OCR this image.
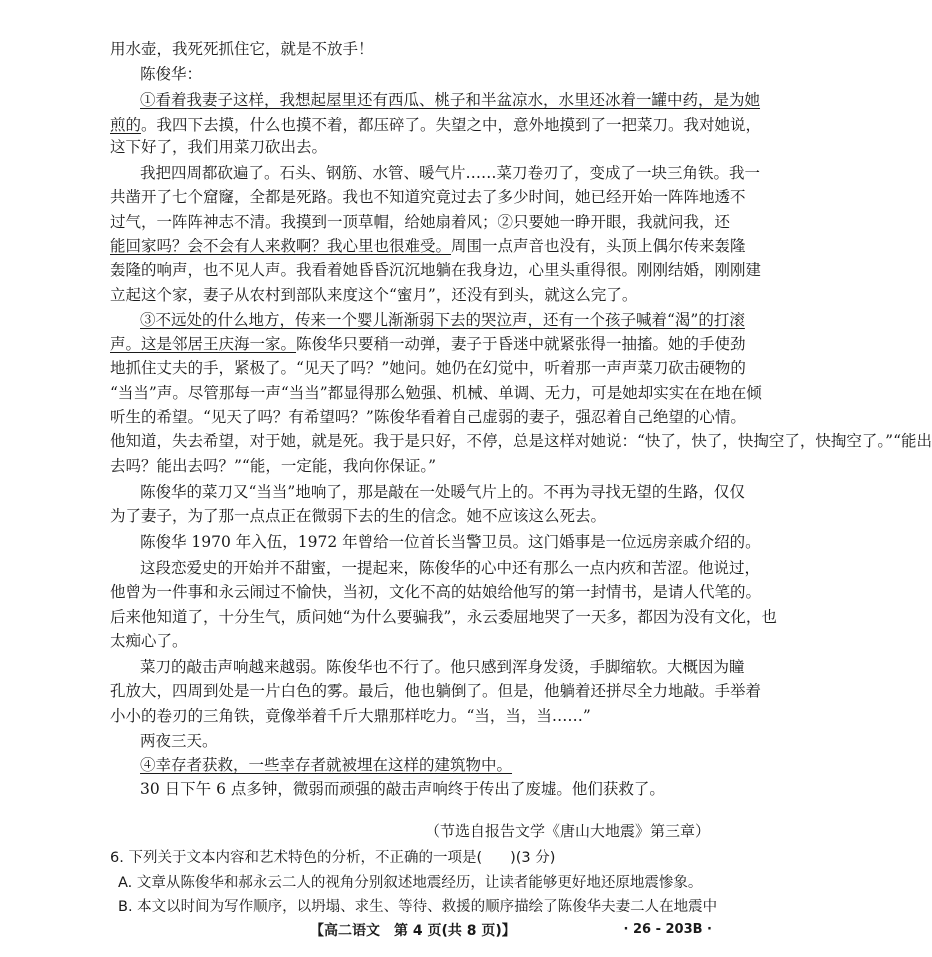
用水壶，我死死抓住它，就是不放手！
陈俊华：
①看着我妻子这样，我想起屋里还有西瓜、桃子和半盆凉水，水里还冰着一罐中药，是为她
煎的。我四下去摸，什么也摸不着，都压碎了。失望之中，意外地摸到了一把菜刀。我对她说，
这下好了，我们用菜刀砍出去。
我把四周都砍遍了。石头、钢筋、水管、暖气片……菜刀卷刃了，变成了一块三角铁。我一
共凿开了七个窟窿，全都是死路。我也不知道究竟过去了多少时间，她已经开始一阵阵地透不
过气，一阵阵神志不清。我摸到一顶草帽，给她扇着风；②只要她一睁开眼，我就问我，还
能回家吗？会不会有人来救啊？我心里也很难受。周围一点声音也没有，头顶上偶尔传来轰隆
轰隆的响声，也不见人声。我看着她昏昏沉沉地躺在我身边，心里头重得很。刚刚结婚，刚刚建
立起这个家，妻子从农村到部队来度这个“蜜月”，还没有到头，就这么完了。
③不远处的什么地方，传来一个婴儿渐渐弱下去的哭泣声，还有一个孩子喊着“渴”的打滚
声。这是邻居王庆海一家。陈俊华只要稍一动弹，妻子于昏迷中就紧张得一抽搐。她的手使劲
地抓住丈夫的手，紧极了。“见天了吗？”她问。她仍在幻觉中，听着那一声声菜刀砍击硬物的
“当当”声。尽管那每一声“当当”都显得那么勉强、机械、单调、无力，可是她却实实在在地在倾
听生的希望。“见天了吗？有希望吗？”陈俊华看着自己虚弱的妻子，强忍着自己绝望的心情。
他知道，失去希望，对于她，就是死。我于是只好，不停，总是这样对她说：“快了，快了，快掏空了，快掏空了。”“能出
去吗？能出去吗？”“能，一定能，我向你保证。”
陈俊华的菜刀又“当当”地响了，那是敲在一处暖气片上的。不再为寻找无望的生路，仅仅
为了妻子，为了那一点点正在微弱下去的生的信念。她不应该这么死去。
陈俊华 1970 年入伍，1972 年曾给一位首长当警卫员。这门婚事是一位远房亲戚介绍的。
这段恋爱史的开始并不甜蜜，一提起来，陈俊华的心中还有那么一点内疚和苦涩。他说过，
他曾为一件事和永云闹过不愉快，当初，文化不高的姑娘给他写的第一封情书，是请人代笔的。
后来他知道了，十分生气，质问她“为什么要骗我”，永云委屈地哭了一天多，都因为没有文化，也
太痴心了。
菜刀的敲击声响越来越弱。陈俊华也不行了。他只感到浑身发烫，手脚缩软。大概因为瞳
孔放大，四周到处是一片白色的雾。最后，他也躺倒了。但是，他躺着还拼尽全力地敲。手举着
小小的卷刃的三角铁，竟像举着千斤大鼎那样吃力。“当，当，当……”
两夜三天。
④幸存者获救，一些幸存者就被埋在这样的建筑物中。
30 日下午 6 点多钟，微弱而顽强的敲击声响终于传出了废墟。他们获救了。
（节选自报告文学《唐山大地震》第三章）
【高二语文　第 4 页(共 8 页)】	· 26 - 203B ·
6. 下列关于文本内容和艺术特色的分析，不正确的一项是( )(3 分)
A. 文章从陈俊华和郝永云二人的视角分别叙述地震经历，让读者能够更好地还原地震惨象。
B. 本文以时间为写作顺序，以坍塌、求生、等待、救援的顺序描绘了陈俊华夫妻二人在地震中
